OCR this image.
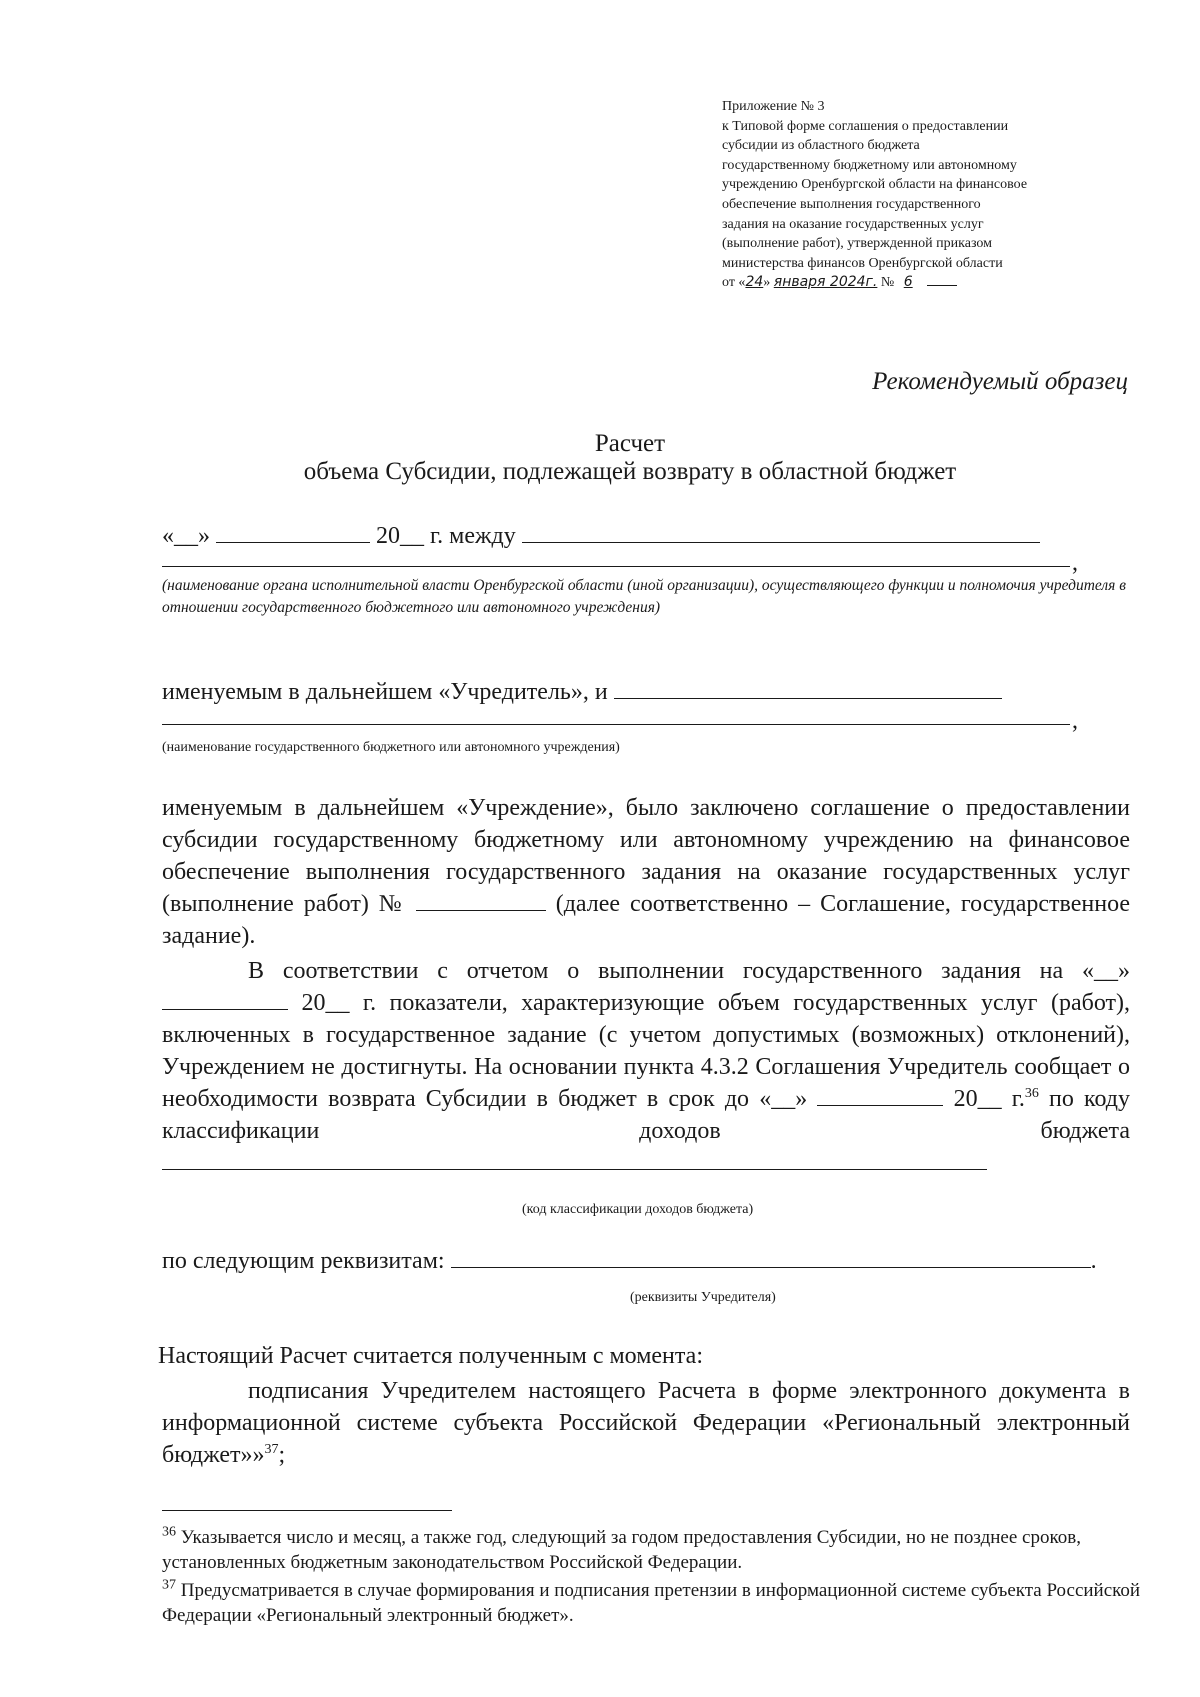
Приложение № 3
к Типовой форме соглашения о предоставлении
субсидии из областного бюджета
государственному бюджетному или автономному
учреждению Оренбургской области на финансовое
обеспечение выполнения государственного
задания на оказание государственных услуг
(выполнение работ), утвержденной приказом
министерства финансов Оренбургской области
от «24» января 2024г. № 6
Рекомендуемый образец
Расчет
объема Субсидии, подлежащей возврату в областной бюджет
«__»	20__ г. между
,
(наименование органа исполнительной власти Оренбургской области (иной организации), осуществляющего функции и полномочия учредителя в отношении государственного бюджетного или автономного учреждения)
именуемым в дальнейшем «Учредитель», и
,
(наименование государственного бюджетного или автономного учреждения)
именуемым в дальнейшем «Учреждение», было заключено соглашение о предоставлении субсидии государственному бюджетному или автономному учреждению на финансовое обеспечение выполнения государственного задания на оказание государственных услуг (выполнение работ) №	(далее соответственно – Соглашение, государственное задание).
В соответствии с отчетом о выполнении государственного задания на «__»  20__ г. показатели, характеризующие объем государственных услуг (работ), включенных в государственное задание (с учетом допустимых (возможных) отклонений), Учреждением не достигнуты. На основании пункта 4.3.2 Соглашения Учредитель сообщает о необходимости возврата Субсидии в бюджет в срок до «__»	20__ г.$^{36}$ по коду классификации доходов бюджета
(код классификации доходов бюджета)
по следующим реквизитам:	.
(реквизиты Учредителя)
Настоящий Расчет считается полученным с момента:
подписания Учредителем настоящего Расчета в форме электронного документа в информационной системе субъекта Российской Федерации «Региональный электронный бюджет»»$^{37}$;
$^{36}$ Указывается число и месяц, а также год, следующий за годом предоставления Субсидии, но не позднее сроков, установленных бюджетным законодательством Российской Федерации.
$^{37}$ Предусматривается в случае формирования и подписания претензии в информационной системе субъекта Российской Федерации «Региональный электронный бюджет».
